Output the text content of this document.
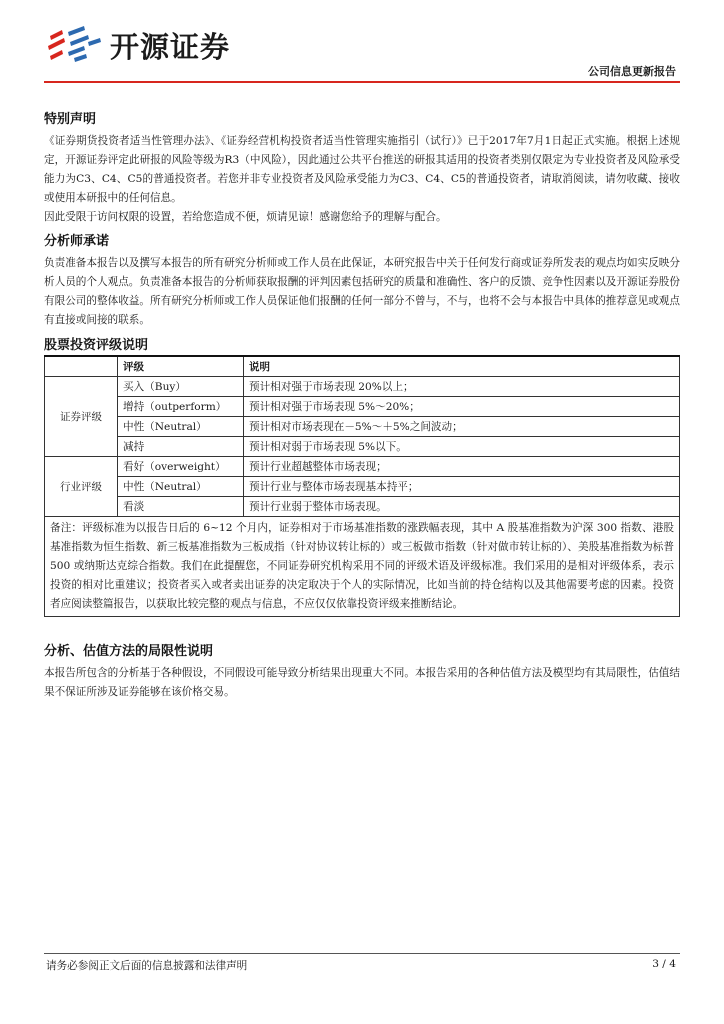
开源证券
公司信息更新报告
特别声明

《证券期货投资者适当性管理办法》、《证券经营机构投资者适当性管理实施指引（试行）》已于2017年7月1日起正式实施。根据上述规定，开源证券评定此研报的风险等级为R3（中风险），因此通过公共平台推送的研报其适用的投资者类别仅限定为专业投资者及风险承受能力为C3、C4、C5的普通投资者。若您并非专业投资者及风险承受能力为C3、C4、C5的普通投资者，请取消阅读，请勿收藏、接收或使用本研报中的任何信息。

因此受限于访问权限的设置，若给您造成不便，烦请见谅！感谢您给予的理解与配合。

分析师承诺

负责准备本报告以及撰写本报告的所有研究分析师或工作人员在此保证，本研究报告中关于任何发行商或证券所发表的观点均如实反映分析人员的个人观点。负责准备本报告的分析师获取报酬的评判因素包括研究的质量和准确性、客户的反馈、竞争性因素以及开源证券股份有限公司的整体收益。所有研究分析师或工作人员保证他们报酬的任何一部分不曾与，不与，也将不会与本报告中具体的推荐意见或观点有直接或间接的联系。

股票投资评级说明
	评级	说明
证券评级	买入（Buy）	预计相对强于市场表现 20%以上；
	增持（outperform）	预计相对强于市场表现 5%～20%；
	中性（Neutral）	预计相对市场表现在－5%～＋5%之间波动；
	减持	预计相对弱于市场表现 5%以下。
行业评级	看好（overweight）	预计行业超越整体市场表现；
	中性（Neutral）	预计行业与整体市场表现基本持平；
	看淡	预计行业弱于整体市场表现。
备注：评级标准为以报告日后的 6~12 个月内，证券相对于市场基准指数的涨跌幅表现，其中 A 股基准指数为沪深 300 指数、港股基准指数为恒生指数、新三板基准指数为三板成指（针对协议转让标的）或三板做市指数（针对做市转让标的）、美股基准指数为标普 500 或纳斯达克综合指数。我们在此提醒您，不同证券研究机构采用不同的评级术语及评级标准。我们采用的是相对评级体系，表示投资的相对比重建议；投资者买入或者卖出证券的决定取决于个人的实际情况，比如当前的持仓结构以及其他需要考虑的因素。投资者应阅读整篇报告，以获取比较完整的观点与信息，不应仅仅依靠投资评级来推断结论。		
分析、估值方法的局限性说明

本报告所包含的分析基于各种假设，不同假设可能导致分析结果出现重大不同。本报告采用的各种估值方法及模型均有其局限性，估值结果不保证所涉及证券能够在该价格交易。

请务必参阅正文后面的信息披露和法律声明	3 / 4
